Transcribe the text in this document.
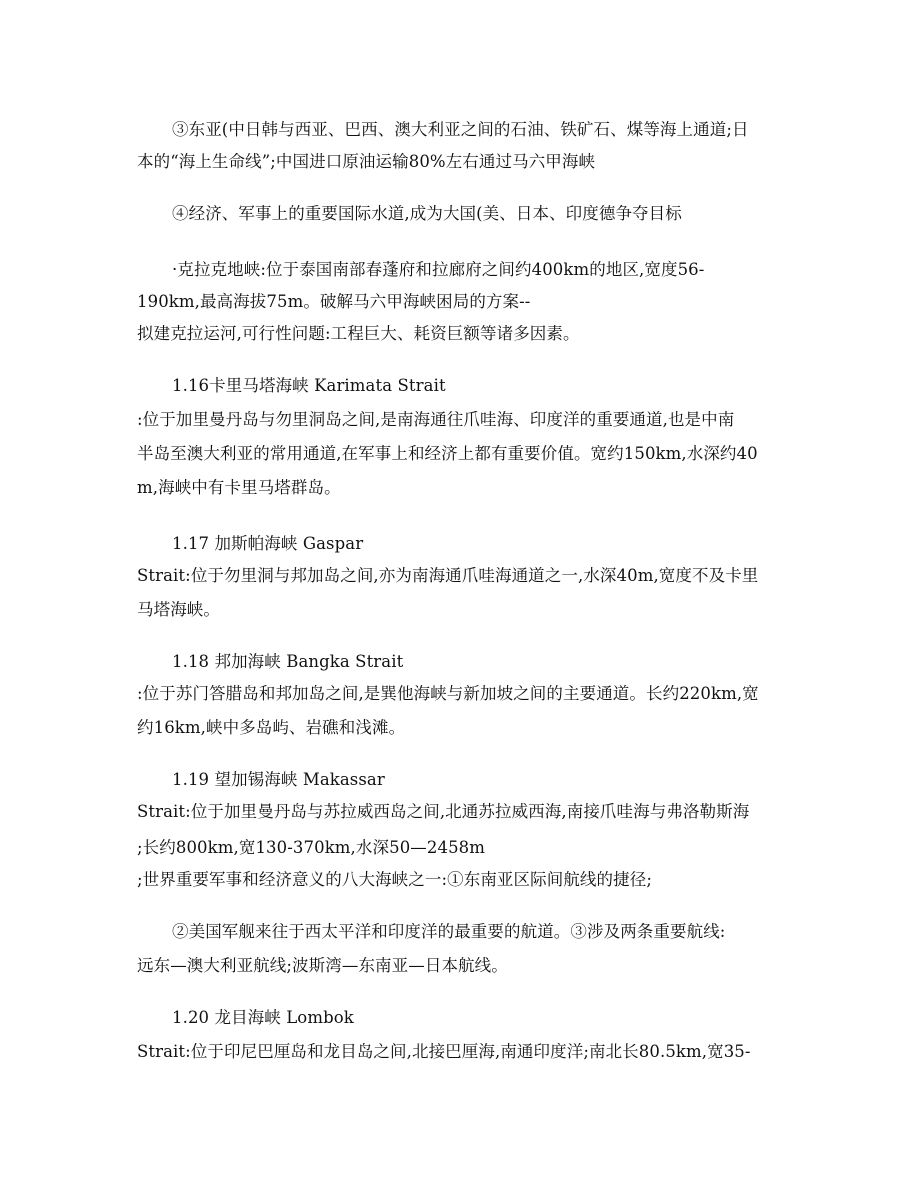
③东亚(中日韩与西亚、巴西、澳大利亚之间的石油、铁矿石、煤等海上通道;日
本的“海上生命线”;中国进口原油运输80%左右通过马六甲海峡
④经济、军事上的重要国际水道,成为大国(美、日本、印度德争夺目标
·克拉克地峡:位于泰国南部春蓬府和拉廊府之间约400km的地区,宽度56-
190km,最高海拔75m。破解马六甲海峡困局的方案--
拟建克拉运河,可行性问题:工程巨大、耗资巨额等诸多因素。
1.16卡里马塔海峡 Karimata Strait
:位于加里曼丹岛与勿里洞岛之间,是南海通往爪哇海、印度洋的重要通道,也是中南
半岛至澳大利亚的常用通道,在军事上和经济上都有重要价值。宽约150km,水深约40
m,海峡中有卡里马塔群岛。
1.17 加斯帕海峡 Gaspar
Strait:位于勿里洞与邦加岛之间,亦为南海通爪哇海通道之一,水深40m,宽度不及卡里
马塔海峡。
1.18 邦加海峡 Bangka Strait
:位于苏门答腊岛和邦加岛之间,是巽他海峡与新加坡之间的主要通道。长约220km,宽
约16km,峡中多岛屿、岩礁和浅滩。
1.19 望加锡海峡 Makassar
Strait:位于加里曼丹岛与苏拉威西岛之间,北通苏拉威西海,南接爪哇海与弗洛勒斯海
;长约800km,宽130-370km,水深50—2458m
;世界重要军事和经济意义的八大海峡之一:①东南亚区际间航线的捷径;
②美国军舰来往于西太平洋和印度洋的最重要的航道。③涉及两条重要航线:
远东—澳大利亚航线;波斯湾—东南亚—日本航线。
1.20 龙目海峡 Lombok
Strait:位于印尼巴厘岛和龙目岛之间,北接巴厘海,南通印度洋;南北长80.5km,宽35-
